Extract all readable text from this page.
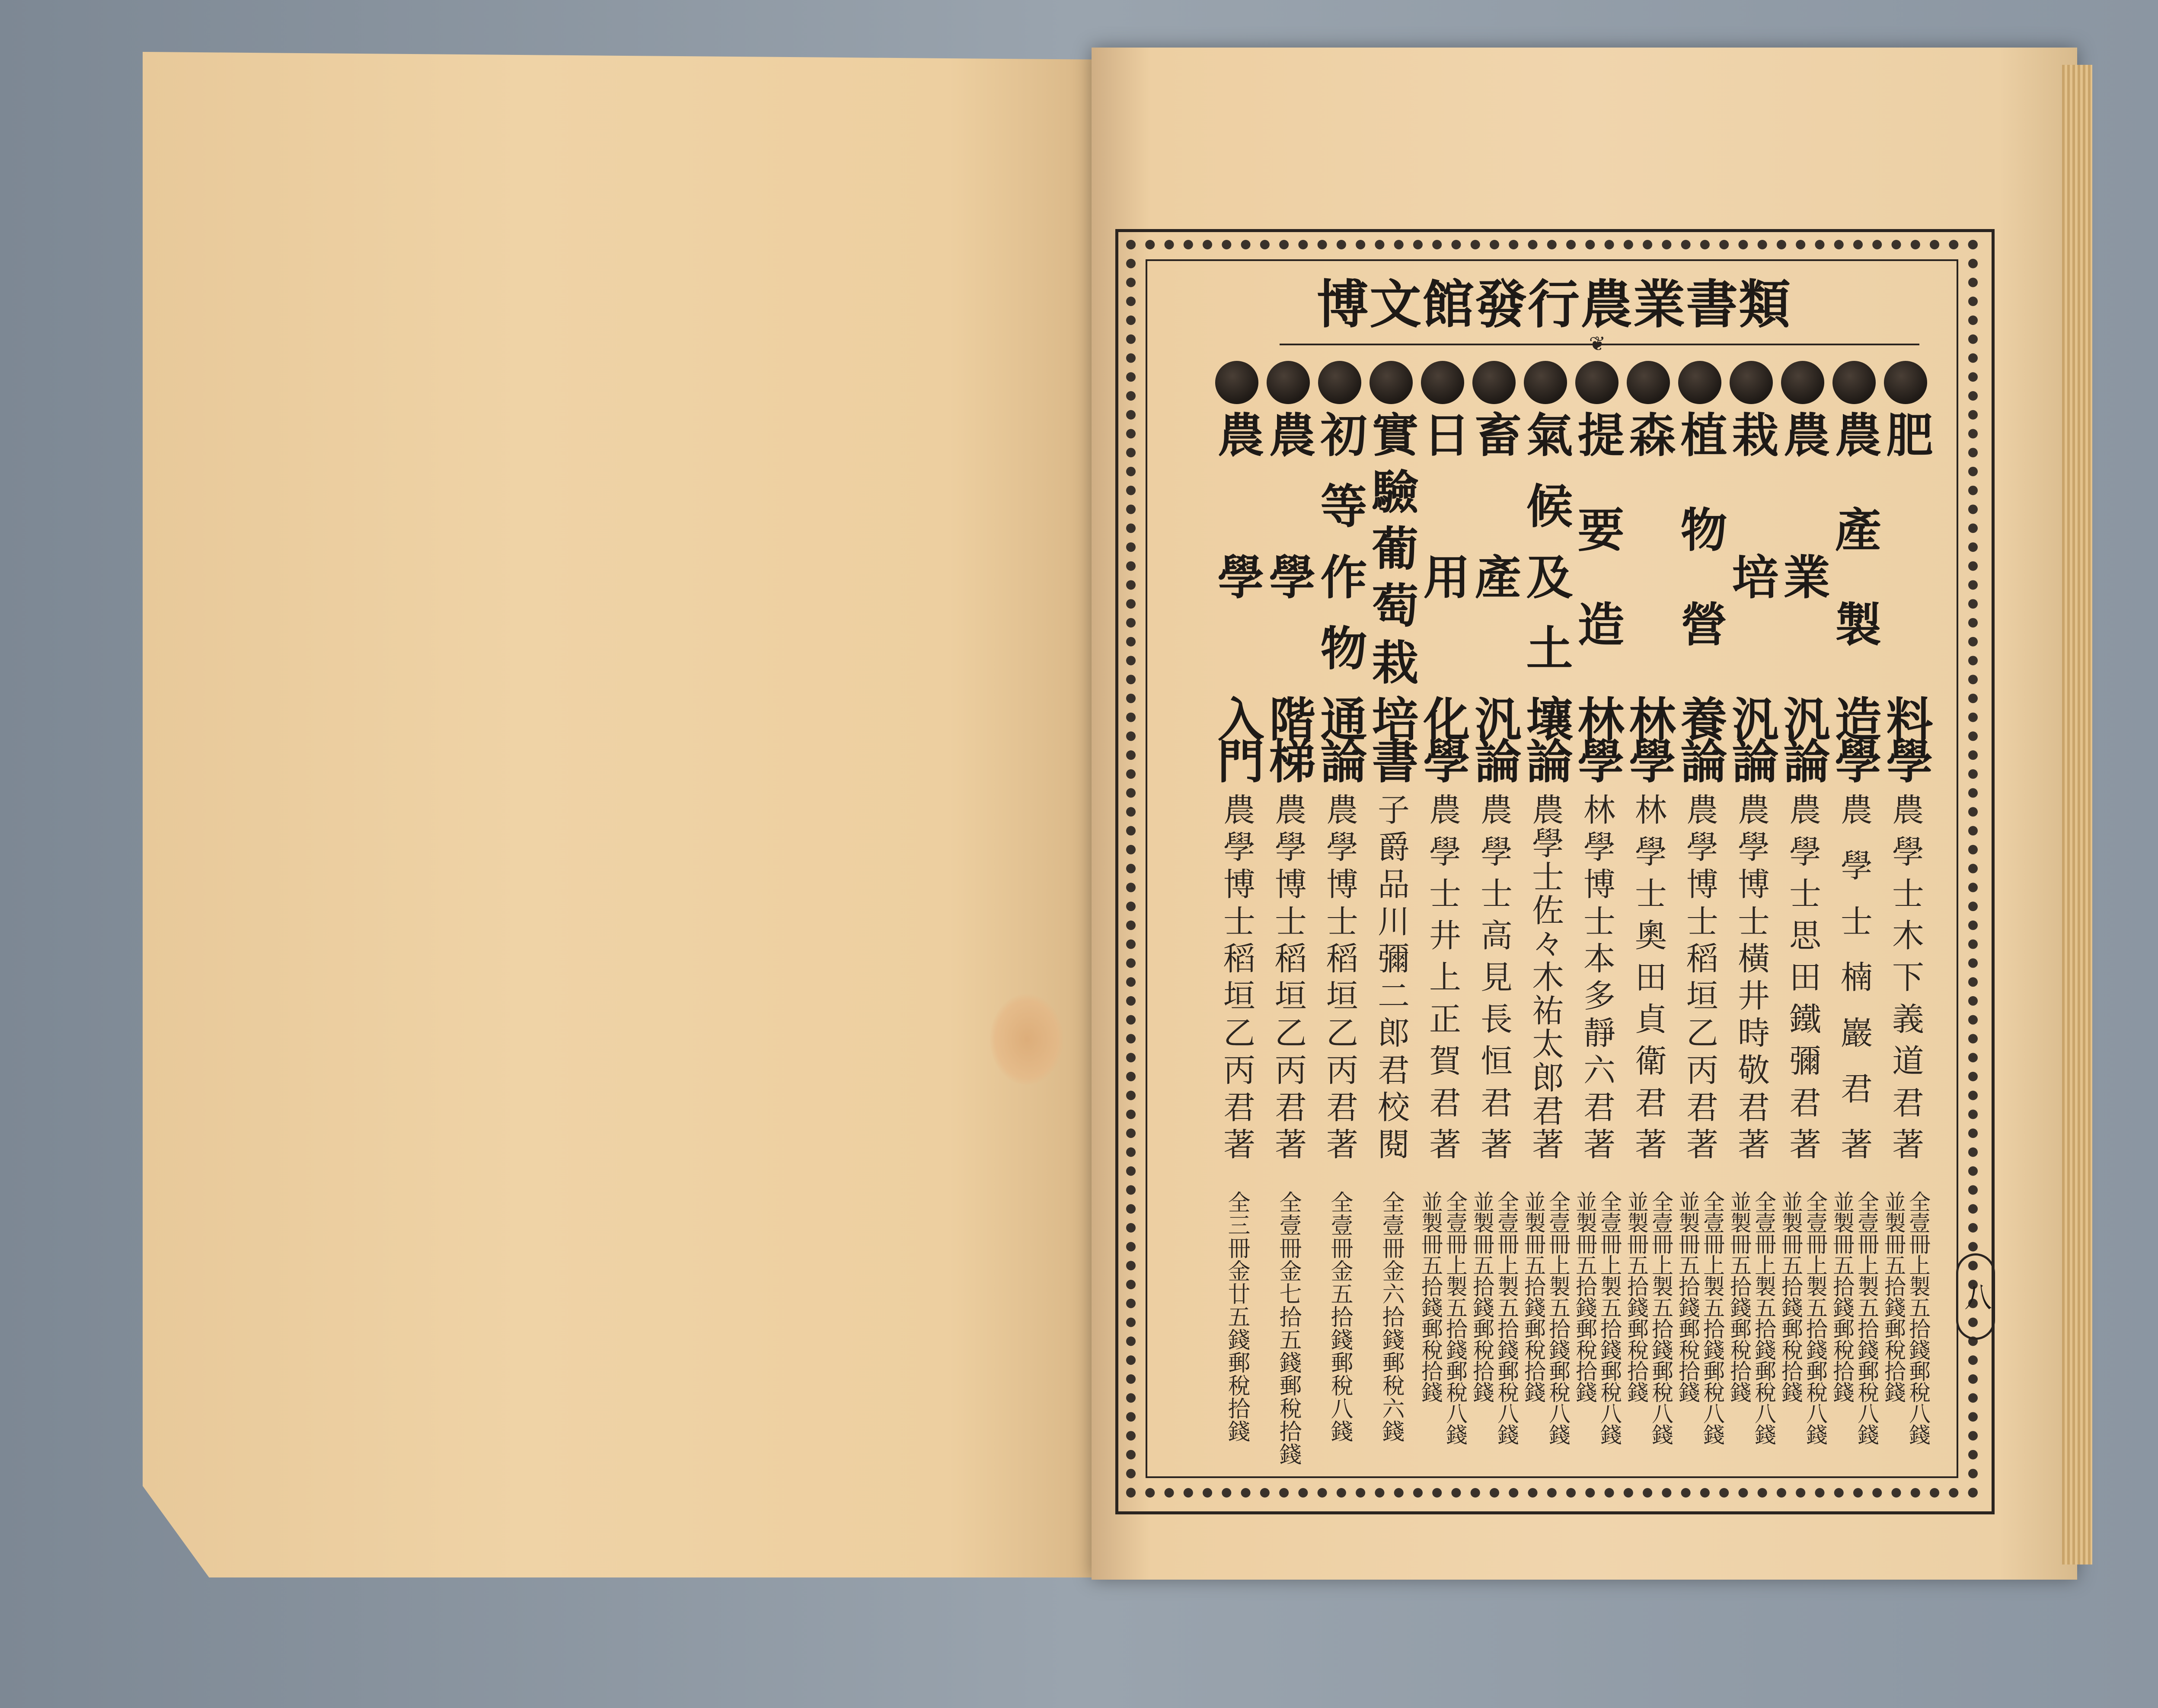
博文館發行農業書類
❦
肥料
學
農學士木下義道君著
全壹冊上製五拾錢郵稅八錢 並製冊五拾錢郵稅拾錢
農產製造
學
農學士楠巖君著
全壹冊上製五拾錢郵稅八錢 並製冊五拾錢郵稅拾錢
農業汎
論
農學士思田鐵彌君著
全壹冊上製五拾錢郵稅八錢 並製冊五拾錢郵稅拾錢
栽培汎
論
農學博士橫井時敬君著
全壹冊上製五拾錢郵稅八錢 並製冊五拾錢郵稅拾錢
植物營養
論
農學博士稻垣乙丙君著
全壹冊上製五拾錢郵稅八錢 並製冊五拾錢郵稅拾錢
森林
學
林學士奧田貞衛君著
全壹冊上製五拾錢郵稅八錢 並製冊五拾錢郵稅拾錢
提要造林
學
林學博士本多靜六君著
全壹冊上製五拾錢郵稅八錢 並製冊五拾錢郵稅拾錢
氣候及土壤
論
農學士佐々木祐太郎君著
全壹冊上製五拾錢郵稅八錢 並製冊五拾錢郵稅拾錢
畜產汎
論
農學士高見長恒君著
全壹冊上製五拾錢郵稅八錢 並製冊五拾錢郵稅拾錢
日用化
學
農學士井上正賀君著
全壹冊上製五拾錢郵稅八錢 並製冊五拾錢郵稅拾錢
實驗葡萄栽培
書
子爵品川彌二郎君校閱
全壹冊金六拾錢郵稅六錢
初等作物通
論
農學博士稻垣乙丙君著
全壹冊金五拾錢郵稅八錢
農學階
梯
農學博士稻垣乙丙君著
全壹冊金七拾五錢郵稅拾錢
農學入
門
農學博士稻垣乙丙君著
全三冊金廿五錢郵稅拾錢	八
